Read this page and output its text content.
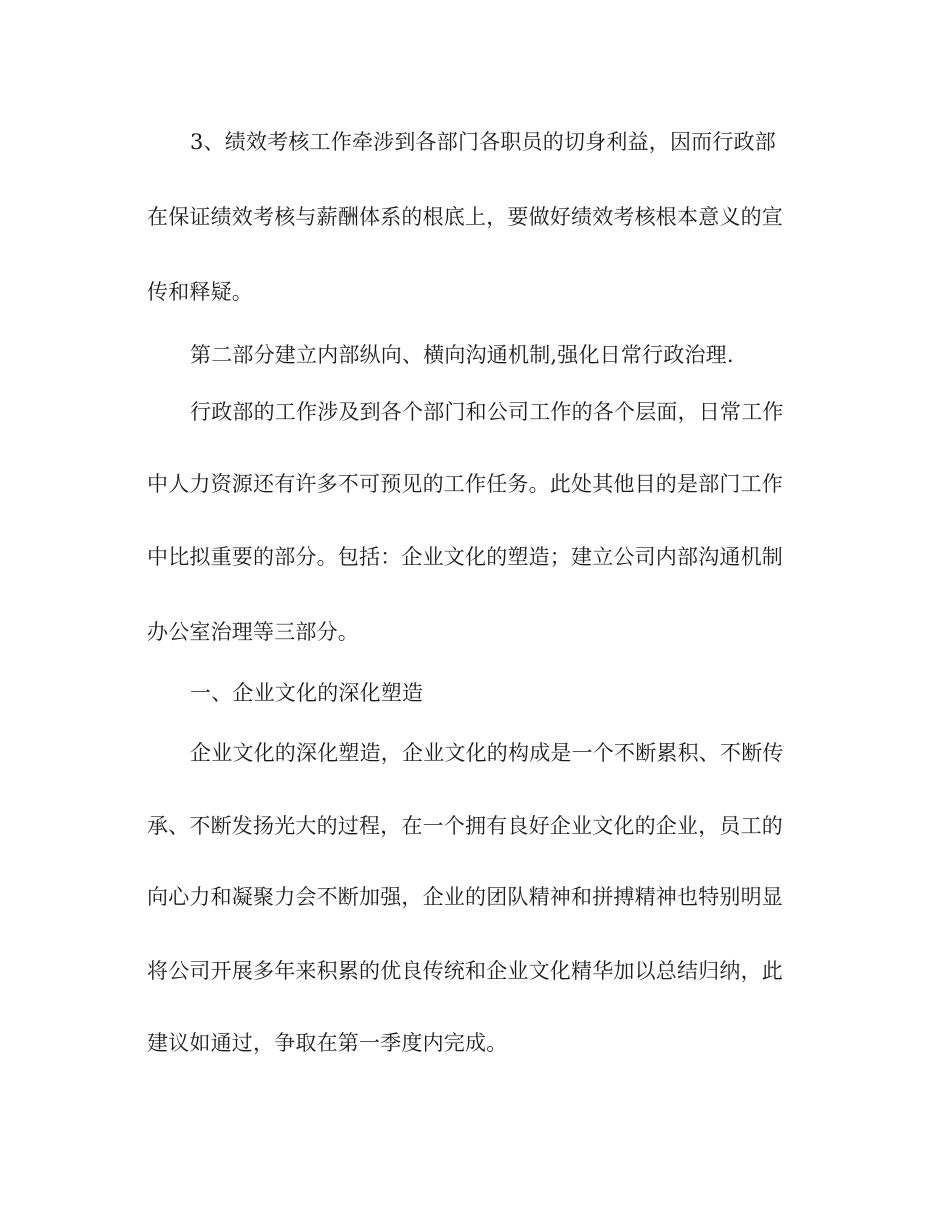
3、绩效考核工作牵涉到各部门各职员的切身利益，因而行政部
在保证绩效考核与薪酬体系的根底上，要做好绩效考核根本意义的宣
传和释疑。
第二部分建立内部纵向、横向沟通机制,强化日常行政治理.
行政部的工作涉及到各个部门和公司工作的各个层面，日常工作
中人力资源还有许多不可预见的工作任务。此处其他目的是部门工作
中比拟重要的部分。包括：企业文化的塑造；建立公司内部沟通机制
办公室治理等三部分。
一、企业文化的深化塑造
企业文化的深化塑造，企业文化的构成是一个不断累积、不断传
承、不断发扬光大的过程，在一个拥有良好企业文化的企业，员工的
向心力和凝聚力会不断加强，企业的团队精神和拼搏精神也特别明显
将公司开展多年来积累的优良传统和企业文化精华加以总结归纳，此
建议如通过，争取在第一季度内完成。
